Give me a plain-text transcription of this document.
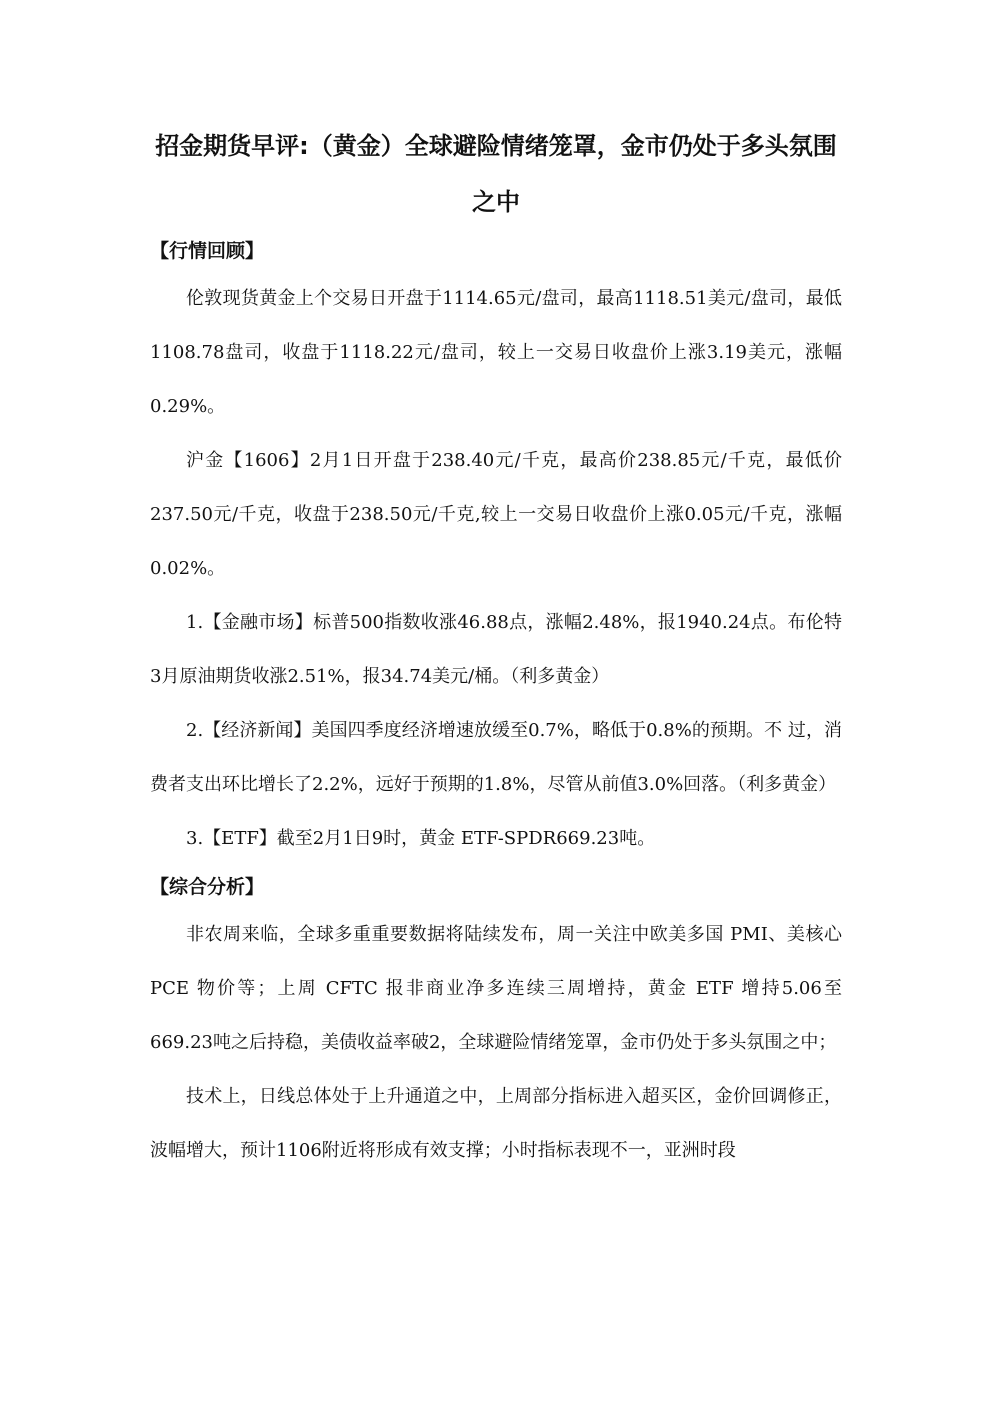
招金期货早评:（黄金）全球避险情绪笼罩，金市仍处于多头氛围之中
【行情回顾】

伦敦现货黄金上个交易日开盘于1114.65元/盘司，最高1118.51美元/盘司，最低1108.78盘司，收盘于1118.22元/盘司，较上一交易日收盘价上涨3.19美元，涨幅0.29%。

沪金【1606】2月1日开盘于238.40元/千克，最高价238.85元/千克，最低价237.50元/千克，收盘于238.50元/千克,较上一交易日收盘价上涨0.05元/千克，涨幅0.02%。

1.【金融市场】标普500指数收涨46.88点，涨幅2.48%，报1940.24点。布伦特3月原油期货收涨2.51%，报34.74美元/桶。（利多黄金）

2.【经济新闻】美国四季度经济增速放缓至0.7%，略低于0.8%的预期。不 过，消费者支出环比增长了2.2%，远好于预期的1.8%，尽管从前值3.0%回落。（利多黄金）

3.【ETF】截至2月1日9时，黄金 ETF-SPDR669.23吨。

【综合分析】

非农周来临，全球多重重要数据将陆续发布，周一关注中欧美多国 PMI、美核心 PCE 物价等；上周 CFTC 报非商业净多连续三周增持，黄金 ETF 增持5.06至669.23吨之后持稳，美债收益率破2，全球避险情绪笼罩，金市仍处于多头氛围之中；

技术上，日线总体处于上升通道之中，上周部分指标进入超买区，金价回调修正，波幅增大，预计1106附近将形成有效支撑；小时指标表现不一，亚洲时段
